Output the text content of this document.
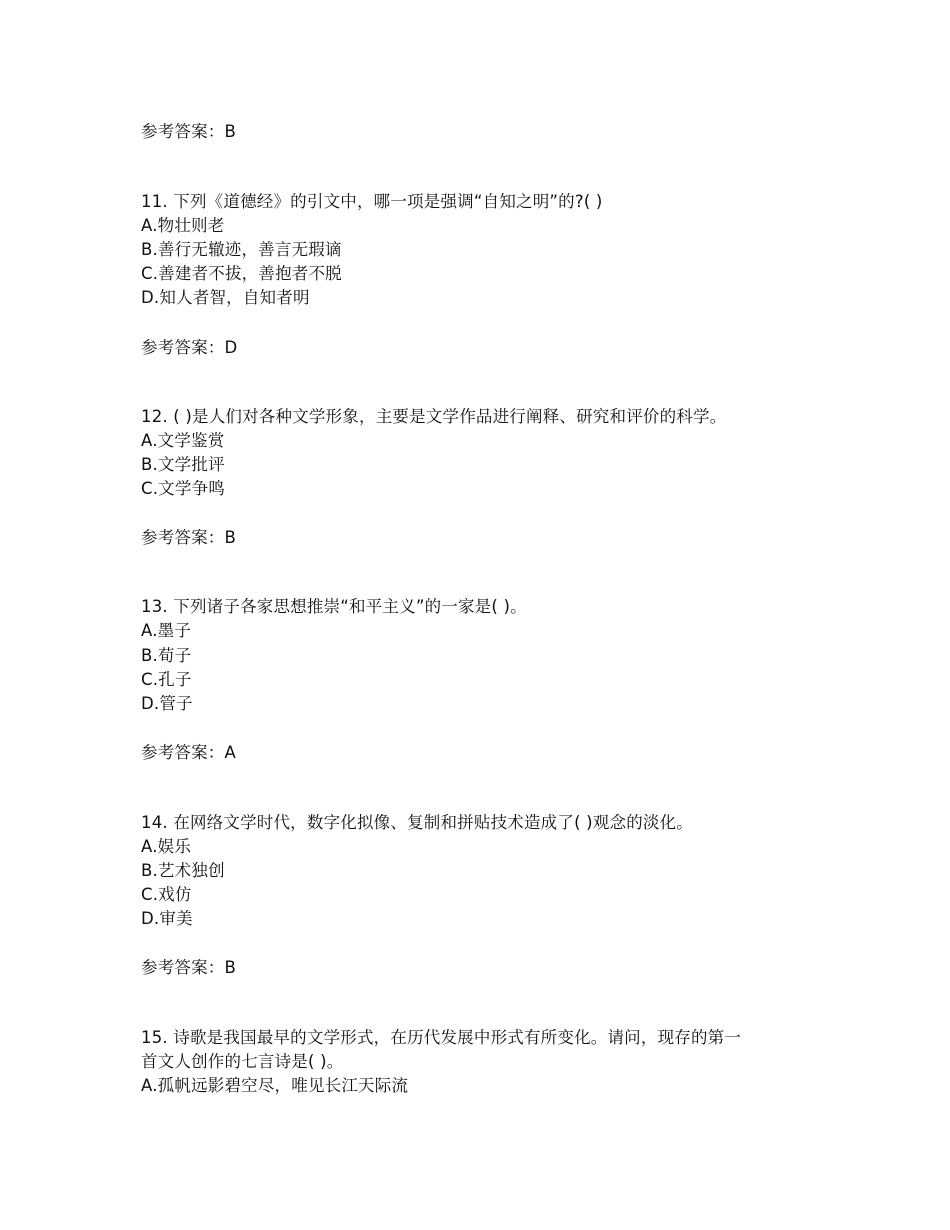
参考答案：B
11. 下列《道德经》的引文中，哪一项是强调“自知之明”的?( )
A.物壮则老
B.善行无辙迹，善言无瑕谪
C.善建者不拔，善抱者不脱
D.知人者智，自知者明
参考答案：D
12. ( )是人们对各种文学形象，主要是文学作品进行阐释、研究和评价的科学。
A.文学鉴赏
B.文学批评
C.文学争鸣
参考答案：B
13. 下列诸子各家思想推崇“和平主义”的一家是( )。
A.墨子
B.荀子
C.孔子
D.管子
参考答案：A
14. 在网络文学时代，数字化拟像、复制和拼贴技术造成了( )观念的淡化。
A.娱乐
B.艺术独创
C.戏仿
D.审美
参考答案：B
15. 诗歌是我国最早的文学形式，在历代发展中形式有所变化。请问，现存的第一
首文人创作的七言诗是( )。
A.孤帆远影碧空尽，唯见长江天际流
